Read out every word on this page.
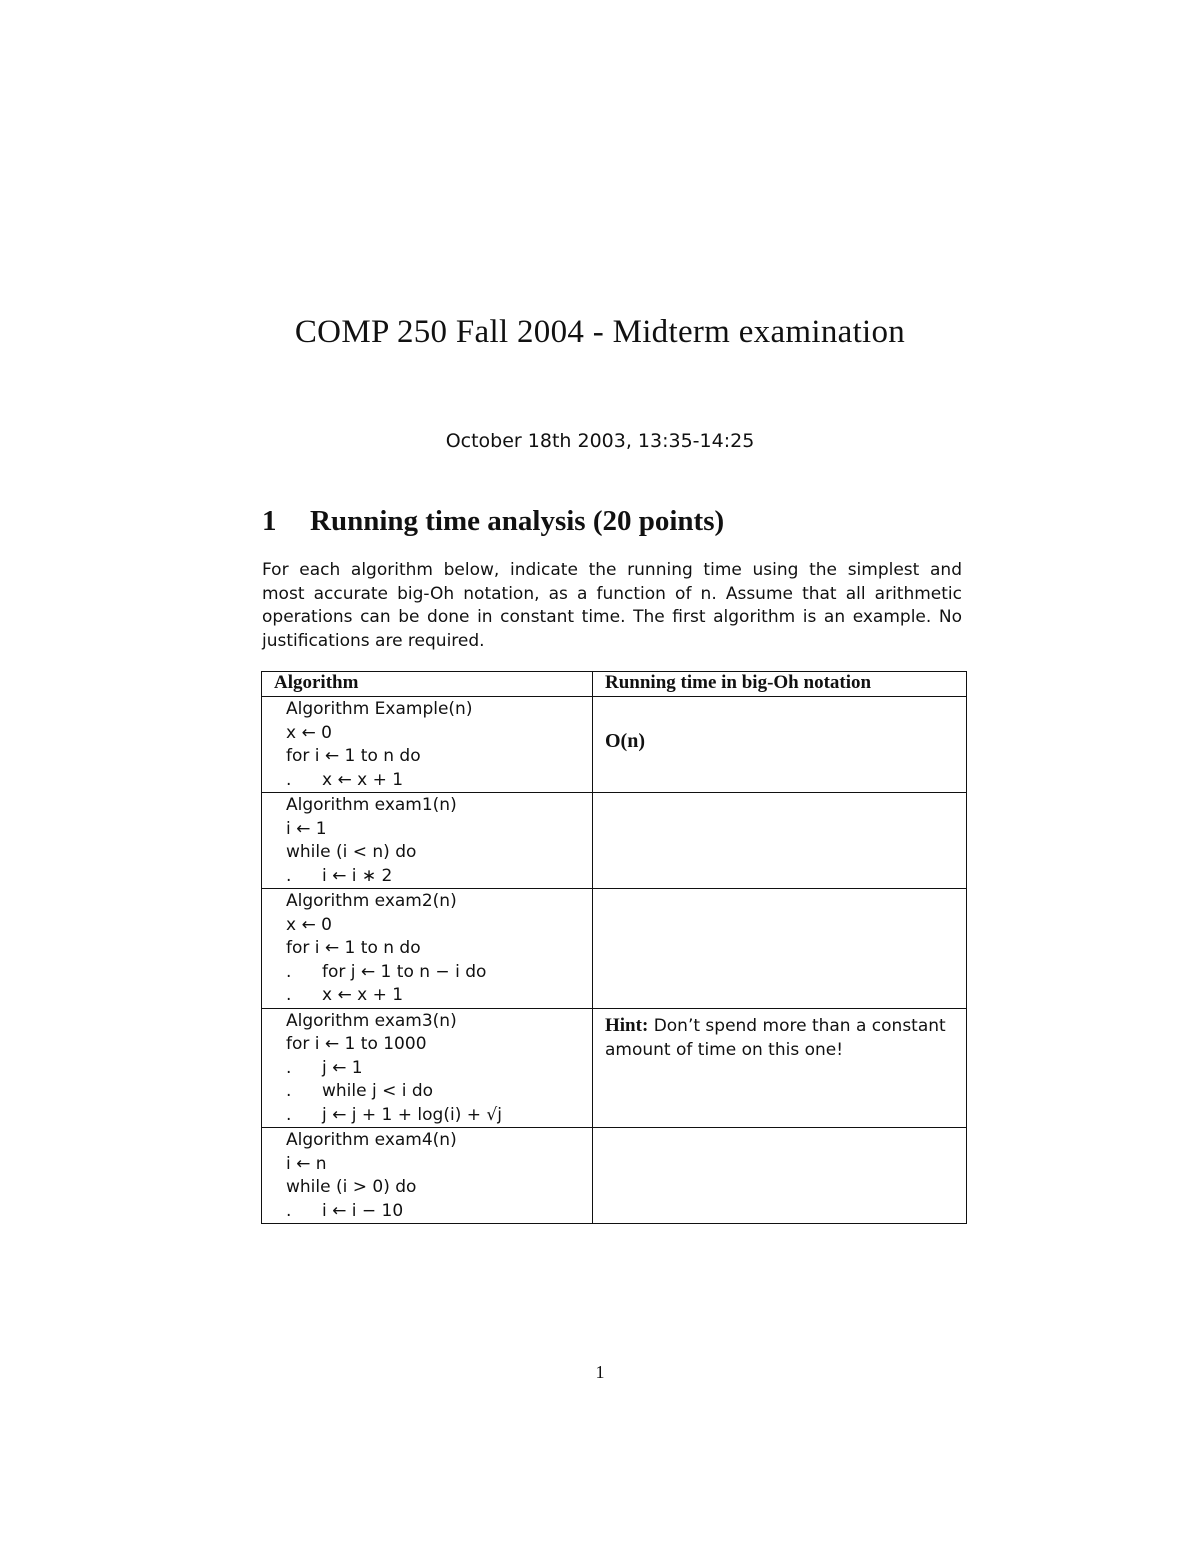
COMP 250 Fall 2004 - Midterm examination
October 18th 2003, 13:35-14:25
1 Running time analysis (20 points)
For each algorithm below, indicate the running time using the simplest and
most accurate big-Oh notation, as a function of n. Assume that all arithmetic
operations can be done in constant time. The first algorithm is an example. No
justifications are required.
Algorithm	Running time in big-Oh notation

Algorithm Example(n)
x ← 0
for i ← 1 to n do
. x ← x + 1	O(n)

Algorithm exam1(n)
i ← 1
while (i < n) do
. i ← i ∗ 2	

Algorithm exam2(n)
x ← 0
for i ← 1 to n do
. for j ← 1 to n − i do
. x ← x + 1	

Algorithm exam3(n)
for i ← 1 to 1000
. j ← 1
. while j < i do
. j ← j + 1 + log(i) + √j	Hint: Don’t spend more than a constant amount of time on this one!

Algorithm exam4(n)
i ← n
while (i > 0) do
. i ← i − 10	

1
